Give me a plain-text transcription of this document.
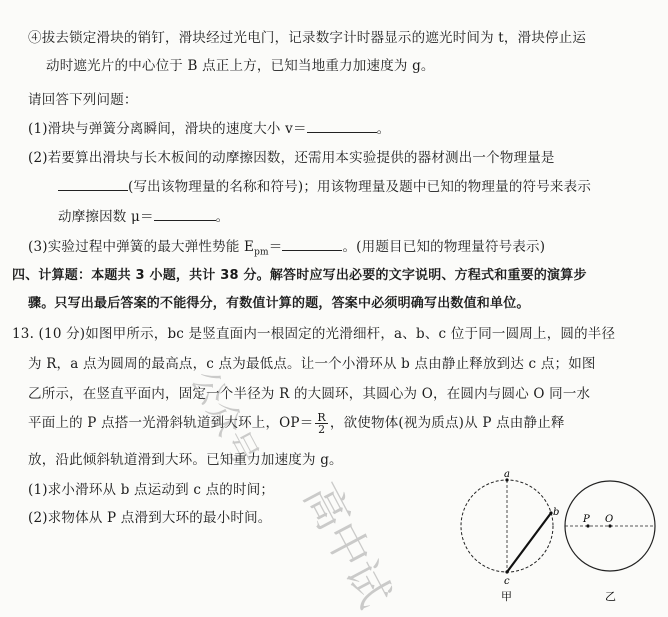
④拔去锁定滑块的销钉，滑块经过光电门，记录数字计时器显示的遮光时间为 t，滑块停止运
动时遮光片的中心位于 B 点正上方，已知当地重力加速度为 g。
请回答下列问题：
(1)滑块与弹簧分离瞬间，滑块的速度大小 v＝	。
(2)若要算出滑块与长木板间的动摩擦因数，还需用本实验提供的器材测出一个物理量是
(写出该物理量的名称和符号)；用该物理量及题中已知的物理量的符号来表示
动摩擦因数 μ＝	。
(3)实验过程中弹簧的最大弹性势能 $E_{pm}=$	。(用题目已知的物理量符号表示)
四、计算题：本题共 3 小题，共计 38 分。解答时应写出必要的文字说明、方程式和重要的演算步
骤。只写出最后答案的不能得分，有数值计算的题，答案中必须明确写出数值和单位。
13. (10 分)如图甲所示，bc 是竖直面内一根固定的光滑细杆，a、b、c 位于同一圆周上，圆的半径
为 R，a 点为圆周的最高点，c 点为最低点。让一个小滑环从 b 点由静止释放到达 c 点；如图
乙所示，在竖直平面内，固定一个半径为 R 的大圆环，其圆心为 O，在圆内与圆心 O 同一水
平面上的 P 点搭一光滑斜轨道到大环上，$OP= \frac{R}{2}$ ，欲使物体(视为质点)从 P 点由静止释
放，沿此倾斜轨道滑到大环。已知重力加速度为 g。
(1)求小滑环从 b 点运动到 c 点的时间；
(2)求物体从 P 点滑到大环的最小时间。
a
b
c
甲
P O
乙
公众号
高中试
